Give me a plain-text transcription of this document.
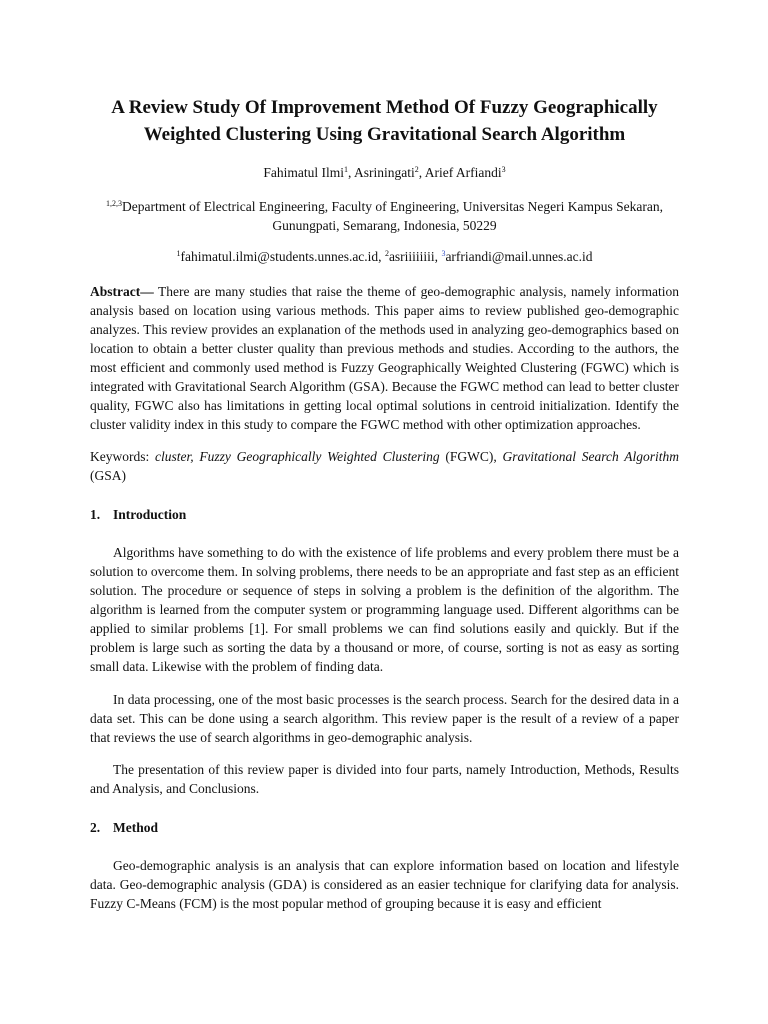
A Review Study Of Improvement Method Of Fuzzy Geographically Weighted Clustering Using Gravitational Search Algorithm
Fahimatul Ilmi$^1$, Asriningati$^2$, Arief Arfiandi$^3$
$^{1,2,3}$Department of Electrical Engineering, Faculty of Engineering, Universitas Negeri Kampus Sekaran, Gunungpati, Semarang, Indonesia, 50229
$^1$fahimatul.ilmi@students.unnes.ac.id, $^2$asriiiiiiii, $^3$arfriandi@mail.unnes.ac.id
Abstract— There are many studies that raise the theme of geo-demographic analysis, namely information analysis based on location using various methods. This paper aims to review published geo-demographic analyzes. This review provides an explanation of the methods used in analyzing geo-demographics based on location to obtain a better cluster quality than previous methods and studies. According to the authors, the most efficient and commonly used method is Fuzzy Geographically Weighted Clustering (FGWC) which is integrated with Gravitational Search Algorithm (GSA). Because the FGWC method can lead to better cluster quality, FGWC also has limitations in getting local optimal solutions in centroid initialization. Identify the cluster validity index in this study to compare the FGWC method with other optimization approaches.
Keywords: cluster, Fuzzy Geographically Weighted Clustering (FGWC), Gravitational Search Algorithm (GSA)
1. Introduction

Algorithms have something to do with the existence of life problems and every problem there must be a solution to overcome them. In solving problems, there needs to be an appropriate and fast step as an efficient solution. The procedure or sequence of steps in solving a problem is the definition of the algorithm. The algorithm is learned from the computer system or programming language used. Different algorithms can be applied to similar problems [1]. For small problems we can find solutions easily and quickly. But if the problem is large such as sorting the data by a thousand or more, of course, sorting is not as easy as sorting small data. Likewise with the problem of finding data.

In data processing, one of the most basic processes is the search process. Search for the desired data in a data set. This can be done using a search algorithm. This review paper is the result of a review of a paper that reviews the use of search algorithms in geo-demographic analysis.

The presentation of this review paper is divided into four parts, namely Introduction, Methods, Results and Analysis, and Conclusions.

2. Method

Geo-demographic analysis is an analysis that can explore information based on location and lifestyle data. Geo-demographic analysis (GDA) is considered as an easier technique for clarifying data for analysis. Fuzzy C-Means (FCM) is the most popular method of grouping because it is easy and efficient
